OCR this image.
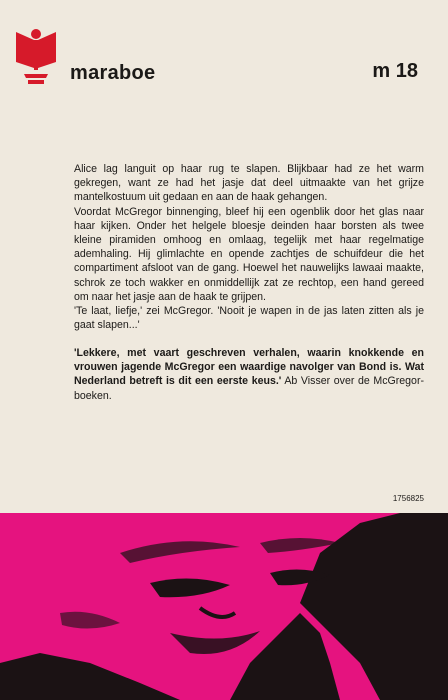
maraboe	m 18

Alice lag languit op haar rug te slapen. Blijkbaar had ze het warm gekregen, want ze had het jasje dat deel uitmaakte van het grijze mantelkostuum uit gedaan en aan de haak gehangen.

Voordat McGregor binnenging, bleef hij een ogenblik door het glas naar haar kijken. Onder het helgele bloesje deinden haar borsten als twee kleine piramiden omhoog en omlaag, tegelijk met haar regelmatige ademhaling. Hij glimlachte en opende zachtjes de schuifdeur die het compartiment afsloot van de gang. Hoewel het nauwelijks lawaai maakte, schrok ze toch wakker en onmiddellijk zat ze rechtop, een hand gereed om naar het jasje aan de haak te grijpen.

'Te laat, liefje,' zei McGregor. 'Nooit je wapen in de jas laten zitten als je gaat slapen...'

'Lekkere, met vaart geschreven verhalen, waarin knokkende en vrouwen jagende McGregor een waardige navolger van Bond is. Wat Nederland betreft is dit een eerste keus.' Ab Visser over de McGregor-boeken.
1756825
